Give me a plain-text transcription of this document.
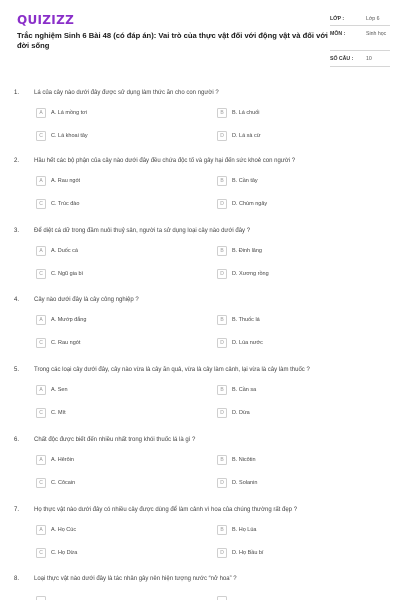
QUIZIZZ
Trắc nghiệm Sinh 6 Bài 48 (có đáp án): Vai trò của thực vật đối với động vật và đối với đời sống
LỚP :	Lớp 6
MÔN :	Sinh học
SỐ CÂU : 10
1. Lá của cây nào dưới đây được sử dụng làm thức ăn cho con người ?
A	A. Lá mồng tơi	B	B. Lá chuối
C	C. Lá khoai tây	D	D. Lá xà cừ
2. Hầu hết các bộ phận của cây nào dưới đây đều chứa độc tố và gây hại đến sức khoẻ con người ?
A	A. Rau ngót	B	B. Cần tây
C	C. Trúc đào	D	D. Chùm ngây
3. Để diệt cá dữ trong đầm nuôi thuỷ sản, người ta sử dụng loại cây nào dưới đây ?
A	A. Duốc cá	B	B. Đinh lăng
C	C. Ngũ gia bì	D	D. Xương rồng
4. Cây nào dưới đây là cây công nghiệp ?
A	A. Mướp đắng	B	B. Thuốc lá
C	C. Rau ngót	D	D. Lúa nước
5. Trong các loại cây dưới đây, cây nào vừa là cây ăn quả, vừa là cây làm cảnh, lại vừa là cây làm thuốc ?
A	A. Sen	B	B. Cần sa
C	C. Mít	D	D. Dừa
6. Chất độc được biết đến nhiều nhất trong khói thuốc lá là gì ?
A	A. Hêrôin	B	B. Nicôtin
C	C. Côcain	D	D. Solanin
7. Họ thực vật nào dưới đây có nhiều cây được dùng để làm cảnh vì hoa của chúng thường rất đẹp ?
A	A. Họ Cúc	B	B. Họ Lúa
C	C. Họ Dừa	D	D. Họ Bầu bí
8. Loại thực vật nào dưới đây là tác nhân gây nên hiện tượng nước “nở hoa” ?
